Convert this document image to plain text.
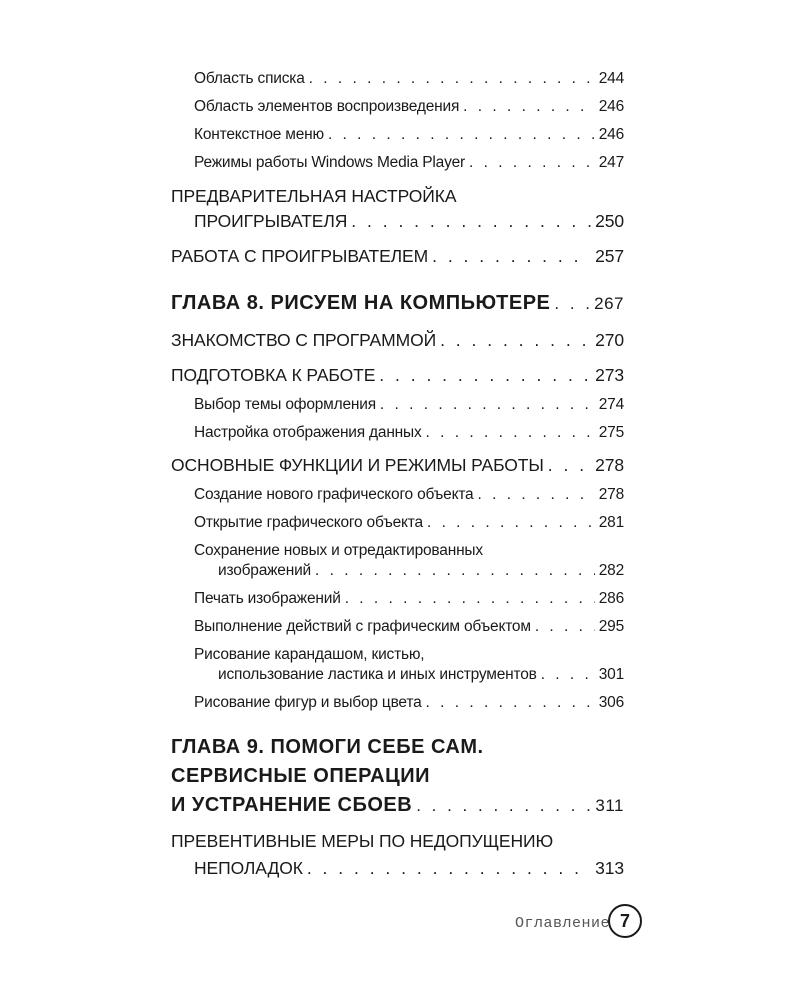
Область списка . . .	244
Область элементов воспроизведения . . .	246
Контекстное меню . . .	246
Режимы работы Windows Media Player . . .	247
ПРЕДВАРИТЕЛЬНАЯ НАСТРОЙКА
ПРОИГРЫВАТЕЛЯ . . .	250
РАБОТА С ПРОИГРЫВАТЕЛЕМ . . .	257
ГЛАВА 8. РИСУЕМ НА КОМПЬЮТЕРЕ . . .	267
ЗНАКОМСТВО С ПРОГРАММОЙ . . .	270
ПОДГОТОВКА К РАБОТЕ . . .	273
Выбор темы оформления . . .	274
Настройка отображения данных . . .	275
ОСНОВНЫЕ ФУНКЦИИ И РЕЖИМЫ РАБОТЫ . . .	278
Создание нового графического объекта . . .	278
Открытие графического объекта . . .	281
Сохранение новых и отредактированных
изображений . . .	282
Печать изображений . . .	286
Выполнение действий с графическим объектом . . .	295
Рисование карандашом, кистью,
использование ластика и иных инструментов . . .	301
Рисование фигур и выбор цвета . . .	306
ГЛАВА 9. ПОМОГИ СЕБЕ САМ.
СЕРВИСНЫЕ ОПЕРАЦИИ
И УСТРАНЕНИЕ СБОЕВ . . .	311
ПРЕВЕНТИВНЫЕ МЕРЫ ПО НЕДОПУЩЕНИЮ
НЕПОЛАДОК . . .	313
Оглавление 7
